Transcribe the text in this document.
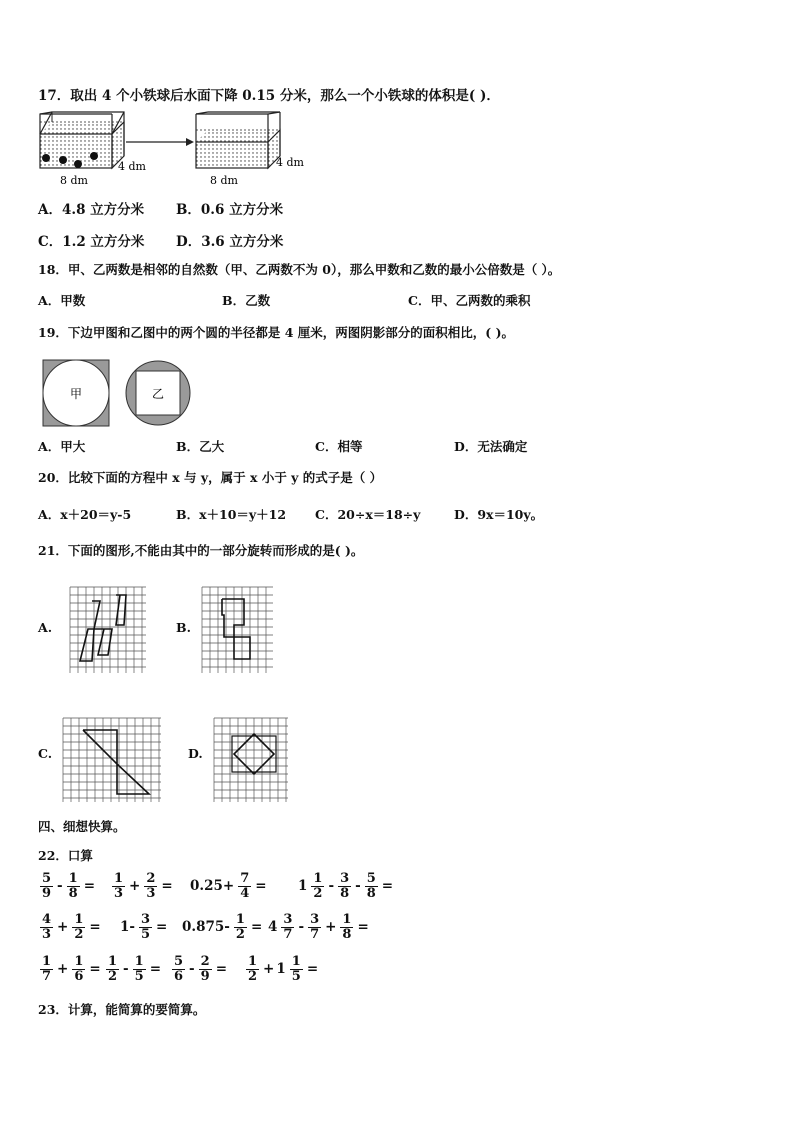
17．取出 4 个小铁球后水面下降 0.15 分米，那么一个小铁球的体积是( )．
8 dm
4 dm
8 dm
4 dm
A．4.8 立方分米 B．0.6 立方分米
C．1.2 立方分米 D．3.6 立方分米
18．甲、乙两数是相邻的自然数（甲、乙两数不为 0），那么甲数和乙数的最小公倍数是（ ）。
A．甲数	B．乙数	C．甲、乙两数的乘积
19．下边甲图和乙图中的两个圆的半径都是 4 厘米，两图阴影部分的面积相比，( )。
甲	乙
A．甲大	B．乙大	C．相等	D．无法确定
20．比较下面的方程中 x 与 y，属于 x 小于 y 的式子是（ ）
A．x＋20＝y-5	B．x＋10＝y＋12 C．20÷x＝18÷y	D．9x＝10y。
21．下面的图形,不能由其中的一部分旋转而形成的是( )。
A.	B.
C.	D.
四、细想快算。
22．口算
$\frac{5}{9} - \frac{1}{8} = \frac{1}{3} + \frac{2}{3} = 0.25+ \frac{7}{4} = 1 \frac{1}{2} - \frac{3}{8} - \frac{5}{8}$ =
$\frac{4}{3} + \frac{1}{2} = 1- \frac{3}{5} = 0.875- \frac{1}{2} = 4 \frac{3}{7} - \frac{3}{7} + \frac{1}{8}$ =
$\frac{1}{7} + \frac{1}{6} = \frac{1}{2} - \frac{1}{5} = \frac{5}{6} - \frac{2}{9} = \frac{1}{2} + 1 \frac{1}{5}$ =
23．计算，能简算的要简算。
